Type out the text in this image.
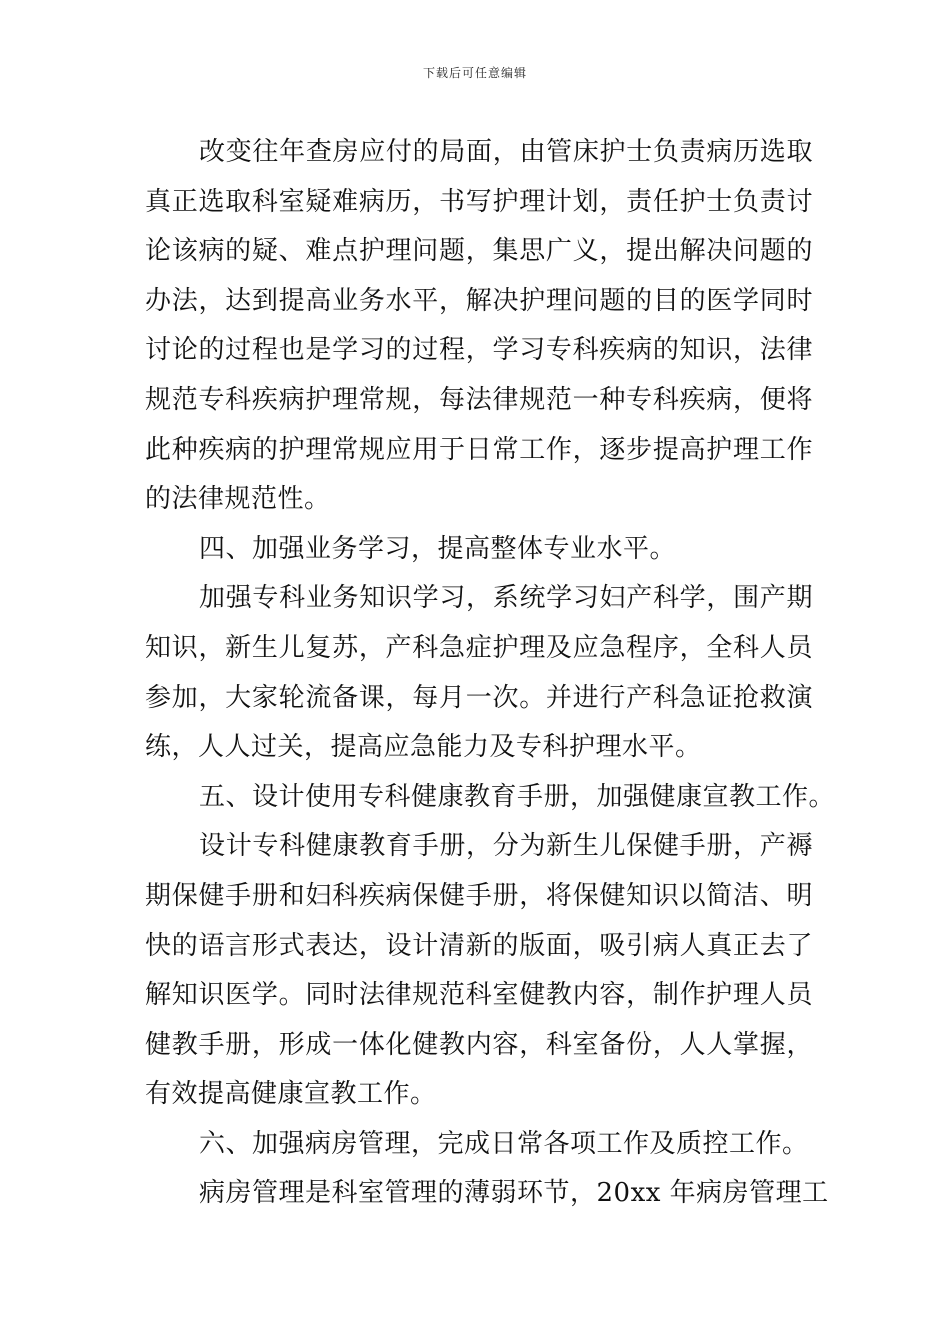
下载后可任意编辑
改变往年查房应付的局面，由管床护士负责病历选取
真正选取科室疑难病历，书写护理计划，责任护士负责讨
论该病的疑、难点护理问题，集思广义，提出解决问题的
办法，达到提高业务水平，解决护理问题的目的医学同时
讨论的过程也是学习的过程，学习专科疾病的知识，法律
规范专科疾病护理常规，每法律规范一种专科疾病，便将
此种疾病的护理常规应用于日常工作，逐步提高护理工作
的法律规范性。
四、加强业务学习，提高整体专业水平。
加强专科业务知识学习，系统学习妇产科学，围产期
知识，新生儿复苏，产科急症护理及应急程序，全科人员
参加，大家轮流备课，每月一次。并进行产科急证抢救演
练，人人过关，提高应急能力及专科护理水平。
五、设计使用专科健康教育手册，加强健康宣教工作。
设计专科健康教育手册，分为新生儿保健手册，产褥
期保健手册和妇科疾病保健手册，将保健知识以简洁、明
快的语言形式表达，设计清新的版面，吸引病人真正去了
解知识医学。同时法律规范科室健教内容，制作护理人员
健教手册，形成一体化健教内容，科室备份，人人掌握，
有效提高健康宣教工作。
六、加强病房管理，完成日常各项工作及质控工作。
病房管理是科室管理的薄弱环节，20xx 年病房管理工
